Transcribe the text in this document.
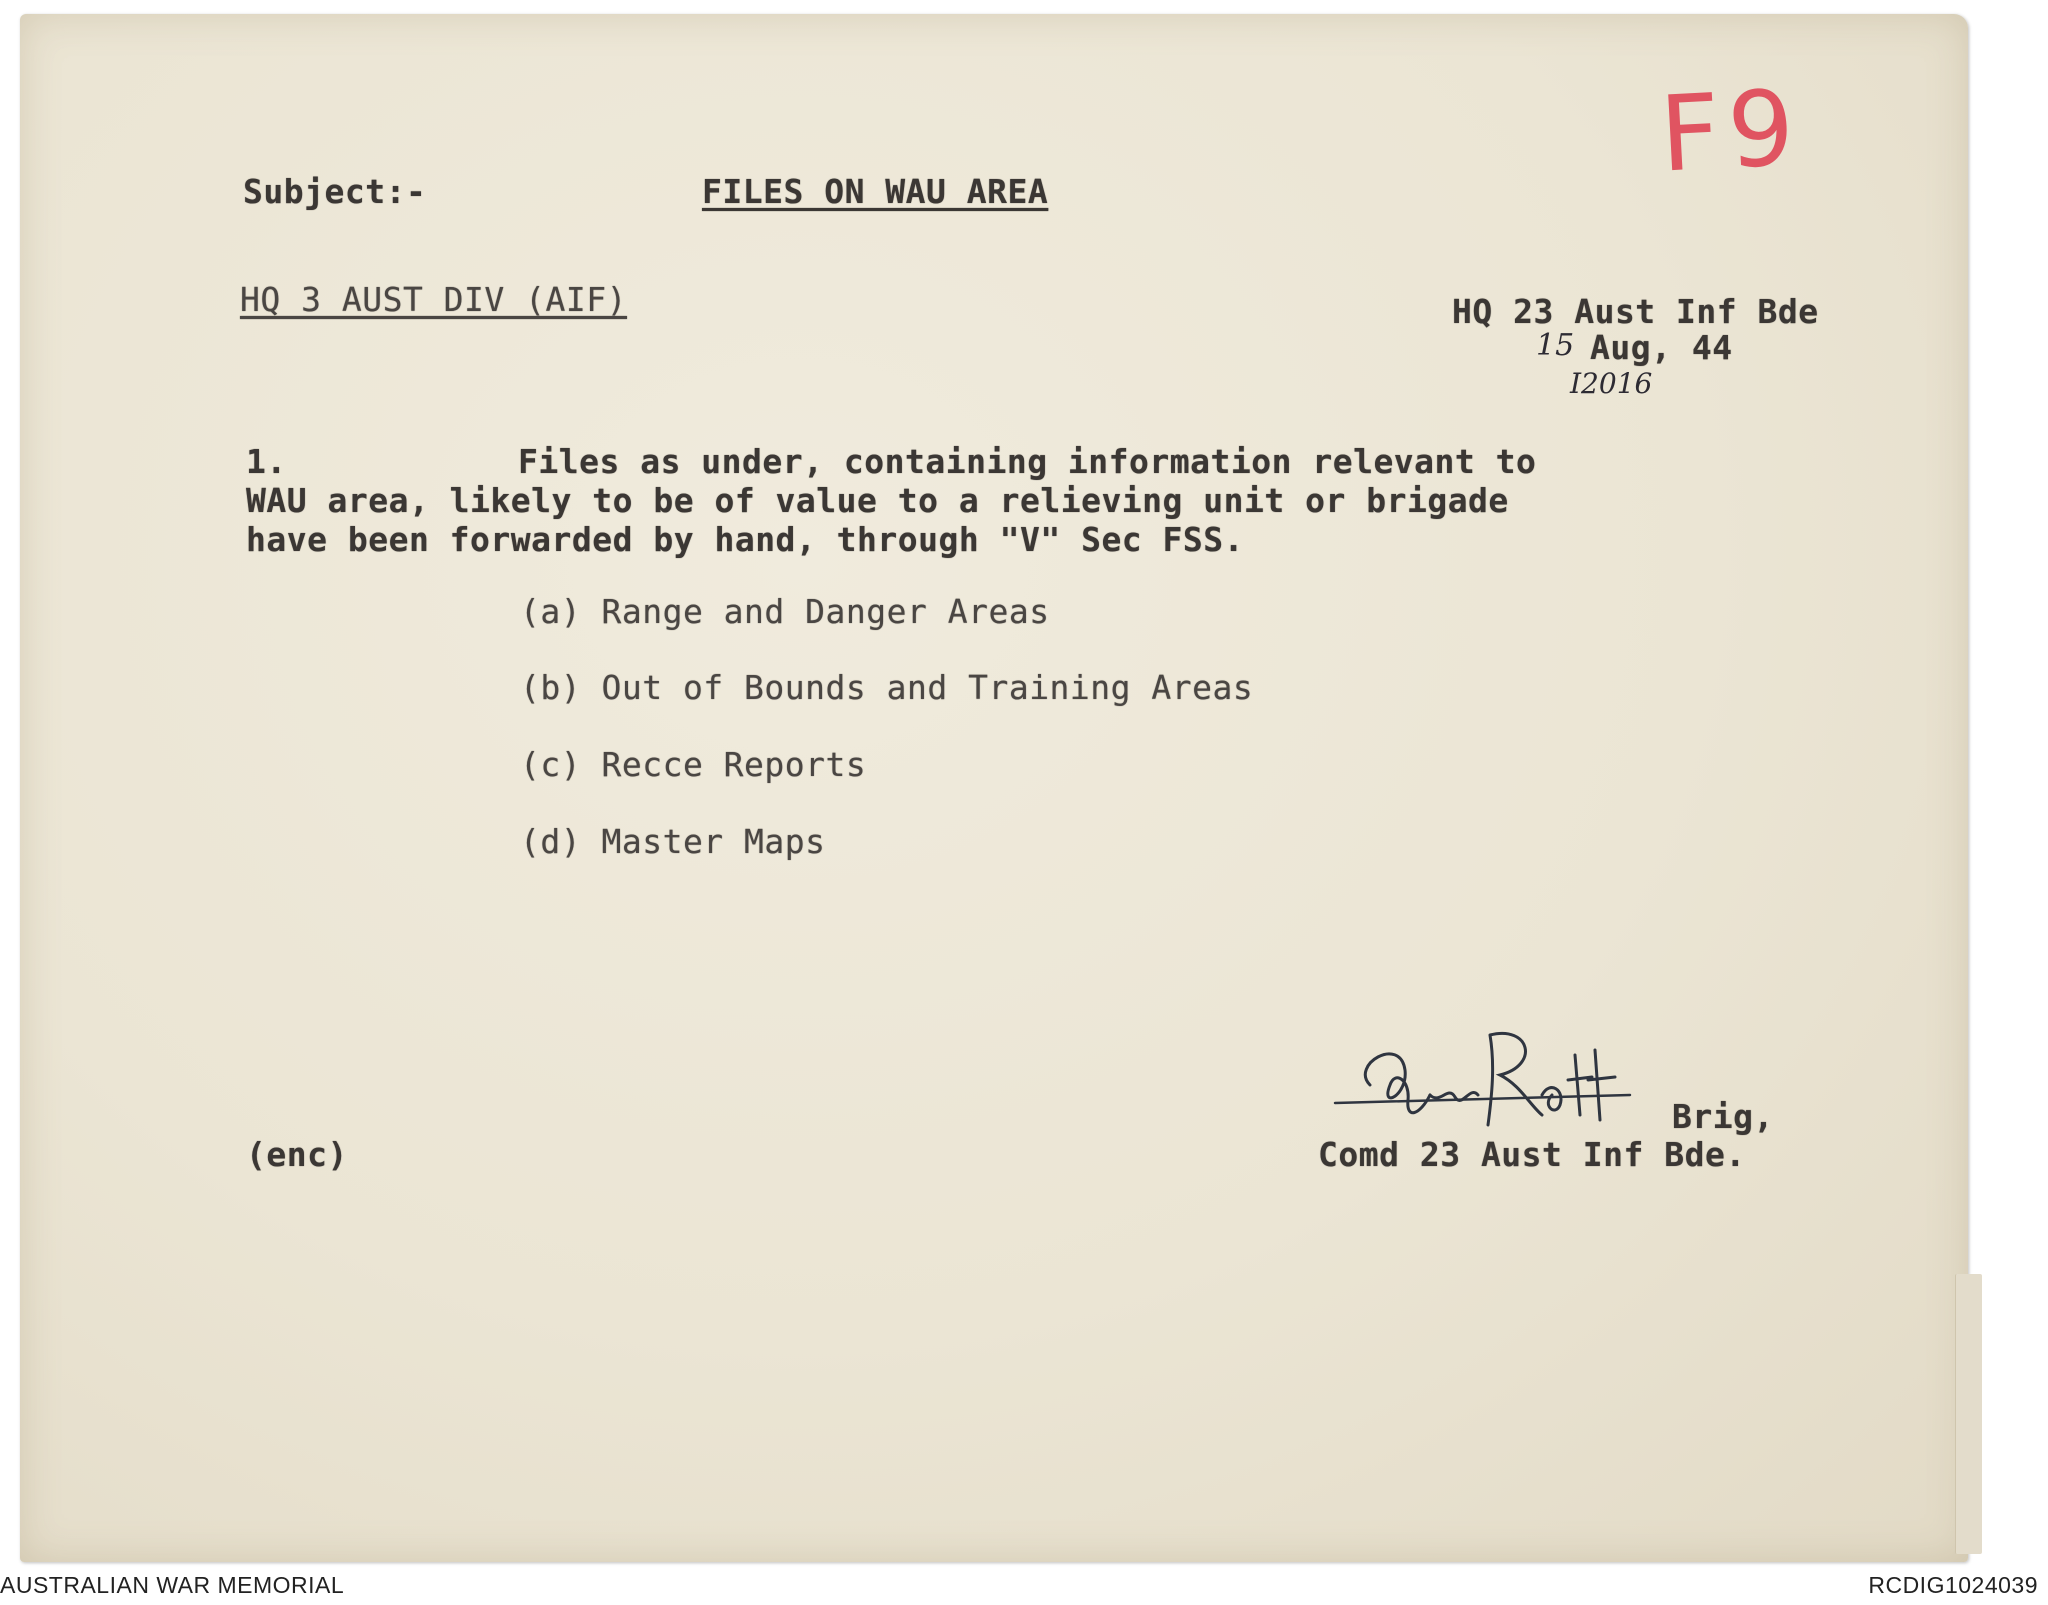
F9
Subject:-	FILES ON WAU AREA
HQ 3 AUST DIV (AIF)	HQ 23 Aust Inf Bde
15 Aug, 44
I2016
1.	Files as under, containing information relevant to
WAU area, likely to be of value to a relieving unit or brigade
have been forwarded by hand, through "V" Sec FSS.
(a) Range and Danger Areas
(b) Out of Bounds and Training Areas
(c) Recce Reports
(d) Master Maps
Brig,
Comd 23 Aust Inf Bde.
(enc)
AUSTRALIAN WAR MEMORIAL	RCDIG1024039
